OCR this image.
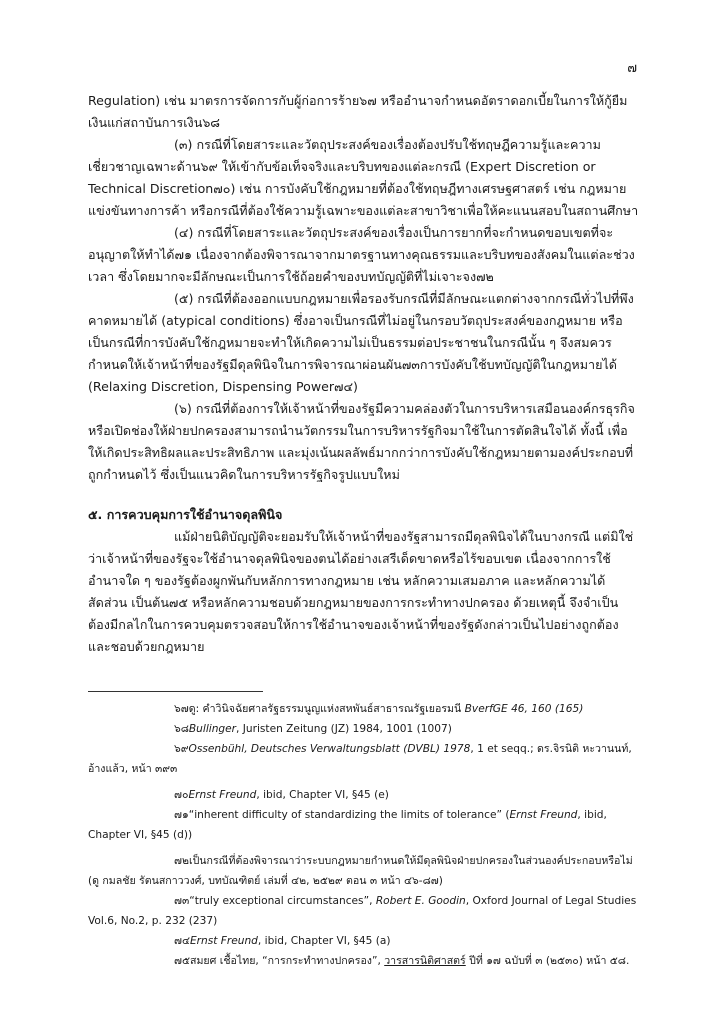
๗

Regulation) เช่น มาตรการจัดการกับผู้ก่อการร้าย๖๗ หรืออำนาจกำหนดอัตราดอกเบี้ยในการให้กู้ยืมเงินแก่สถาบันการเงิน๖๘

(๓) กรณีที่โดยสาระและวัตถุประสงค์ของเรื่องต้องปรับใช้ทฤษฎีความรู้และความเชี่ยวชาญเฉพาะด้าน๖๙ ให้เข้ากับข้อเท็จจริงและบริบทของแต่ละกรณี (Expert Discretion or Technical Discretion๗๐) เช่น การบังคับใช้กฎหมายที่ต้องใช้ทฤษฎีทางเศรษฐศาสตร์ เช่น กฎหมายแข่งขันทางการค้า หรือกรณีที่ต้องใช้ความรู้เฉพาะของแต่ละสาขาวิชาเพื่อให้คะแนนสอบในสถานศึกษา

(๔) กรณีที่โดยสาระและวัตถุประสงค์ของเรื่องเป็นการยากที่จะกำหนดขอบเขตที่จะอนุญาตให้ทำได้๗๑ เนื่องจากต้องพิจารณาจากมาตรฐานทางคุณธรรมและบริบทของสังคมในแต่ละช่วงเวลา ซึ่งโดยมากจะมีลักษณะเป็นการใช้ถ้อยคำของบทบัญญัติที่ไม่เจาะจง๗๒

(๕) กรณีที่ต้องออกแบบกฎหมายเพื่อรองรับกรณีที่มีลักษณะแตกต่างจากกรณีทั่วไปที่พึงคาดหมายได้ (atypical conditions) ซึ่งอาจเป็นกรณีที่ไม่อยู่ในกรอบวัตถุประสงค์ของกฎหมาย หรือเป็นกรณีที่การบังคับใช้กฎหมายจะทำให้เกิดความไม่เป็นธรรมต่อประชาชนในกรณีนั้น ๆ จึงสมควรกำหนดให้เจ้าหน้าที่ของรัฐมีดุลพินิจในการพิจารณาผ่อนผัน๗๓การบังคับใช้บทบัญญัติในกฎหมายได้ (Relaxing Discretion, Dispensing Power๗๔)

(๖) กรณีที่ต้องการให้เจ้าหน้าที่ของรัฐมีความคล่องตัวในการบริหารเสมือนองค์กรธุรกิจ หรือเปิดช่องให้ฝ่ายปกครองสามารถนำนวัตกรรมในการบริหารรัฐกิจมาใช้ในการตัดสินใจได้ ทั้งนี้ เพื่อให้เกิดประสิทธิผลและประสิทธิภาพ และมุ่งเน้นผลลัพธ์มากกว่าการบังคับใช้กฎหมายตามองค์ประกอบที่ถูกกำหนดไว้ ซึ่งเป็นแนวคิดในการบริหารรัฐกิจรูปแบบใหม่

๕. การควบคุมการใช้อำนาจดุลพินิจ

แม้ฝ่ายนิติบัญญัติจะยอมรับให้เจ้าหน้าที่ของรัฐสามารถมีดุลพินิจได้ในบางกรณี แต่มิใช่ว่าเจ้าหน้าที่ของรัฐจะใช้อำนาจดุลพินิจของตนได้อย่างเสรีเด็ดขาดหรือไร้ขอบเขต เนื่องจากการใช้อำนาจใด ๆ ของรัฐต้องผูกพันกับหลักการทางกฎหมาย เช่น หลักความเสมอภาค และหลักความได้สัดส่วน เป็นต้น๗๕ หรือหลักความชอบด้วยกฎหมายของการกระทำทางปกครอง ด้วยเหตุนี้ จึงจำเป็นต้องมีกลไกในการควบคุมตรวจสอบให้การใช้อำนาจของเจ้าหน้าที่ของรัฐดังกล่าวเป็นไปอย่างถูกต้องและชอบด้วยกฎหมาย

๖๗ดู: คำวินิจฉัยศาลรัฐธรรมนูญแห่งสหพันธ์สาธารณรัฐเยอรมนี BverfGE 46, 160 (165)

๖๘Bullinger, Juristen Zeitung (JZ) 1984, 1001 (1007)

๖๙Ossenbühl, Deutsches Verwaltungsblatt (DVBL) 1978, 1 et seqq.; ดร.จิรนิติ หะวานนท์, อ้างแล้ว, หน้า ๓๙๓

๗๐Ernst Freund, ibid, Chapter VI, §45 (e)

๗๑“inherent difficulty of standardizing the limits of tolerance” (Ernst Freund, ibid, Chapter VI, §45 (d))

๗๒เป็นกรณีที่ต้องพิจารณาว่าระบบกฎหมายกำหนดให้มีดุลพินิจฝ่ายปกครองในส่วนองค์ประกอบหรือไม่ (ดู กมลชัย รัตนสกาววงศ์, บทบัณฑิตย์ เล่มที่ ๔๒, ๒๕๒๙ ตอน ๓ หน้า ๔๖-๘๗)

๗๓“truly exceptional circumstances”, Robert E. Goodin, Oxford Journal of Legal Studies Vol.6, No.2, p. 232 (237)

๗๔Ernst Freund, ibid, Chapter VI, §45 (a)

๗๕สมยศ เชื้อไทย, “การกระทำทางปกครอง”, วารสารนิติศาสตร์ ปีที่ ๑๗ ฉบับที่ ๓ (๒๕๓๐) หน้า ๕๘.
